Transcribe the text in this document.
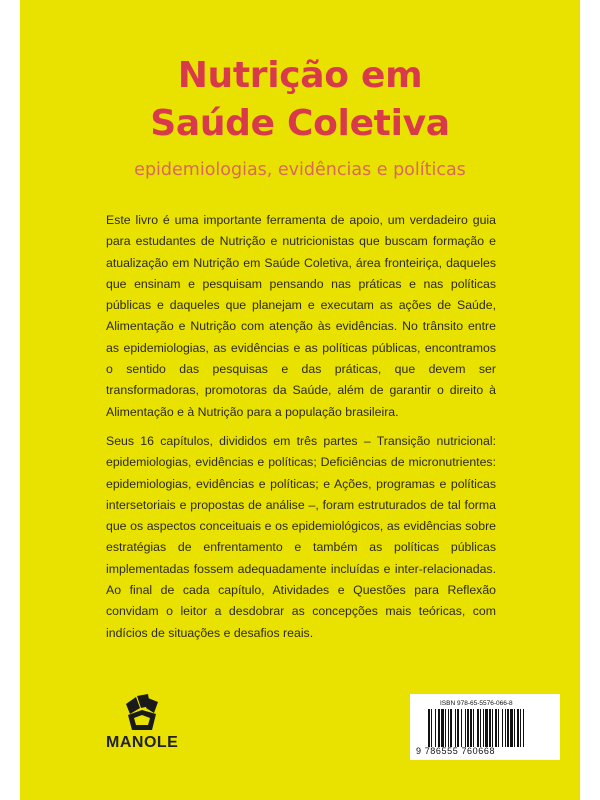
Nutrição em
Saúde Coletiva
epidemiologias, evidências e políticas

Este livro é uma importante ferramenta de apoio, um verdadeiro guia para estudantes de Nutrição e nutricionistas que buscam formação e atualização em Nutrição em Saúde Coletiva, área fronteiriça, daqueles que ensinam e pesquisam pensando nas práticas e nas políticas públicas e daqueles que planejam e executam as ações de Saúde, Alimentação e Nutrição com atenção às evidências. No trânsito entre as epidemiologias, as evidências e as políticas públicas, encontramos o sentido das pesquisas e das práticas, que devem ser transformadoras, promotoras da Saúde, além de garantir o direito à Alimentação e à Nutrição para a população brasileira.

Seus 16 capítulos, divididos em três partes – Transição nutricional: epidemiologias, evidências e políticas; Deficiências de micronutrientes: epidemiologias, evidências e políticas; e Ações, programas e políticas intersetoriais e propostas de análise –, foram estruturados de tal forma que os aspectos conceituais e os epidemiológicos, as evidências sobre estratégias de enfrentamento e também as políticas públicas implementadas fossem adequadamente incluídas e inter-relacionadas. Ao final de cada capítulo, Atividades e Questões para Reflexão convidam o leitor a desdobrar as concepções mais teóricas, com indícios de situações e desafios reais.

MANOLE
ISBN 978-65-5576-066-8
9 786555 760668
